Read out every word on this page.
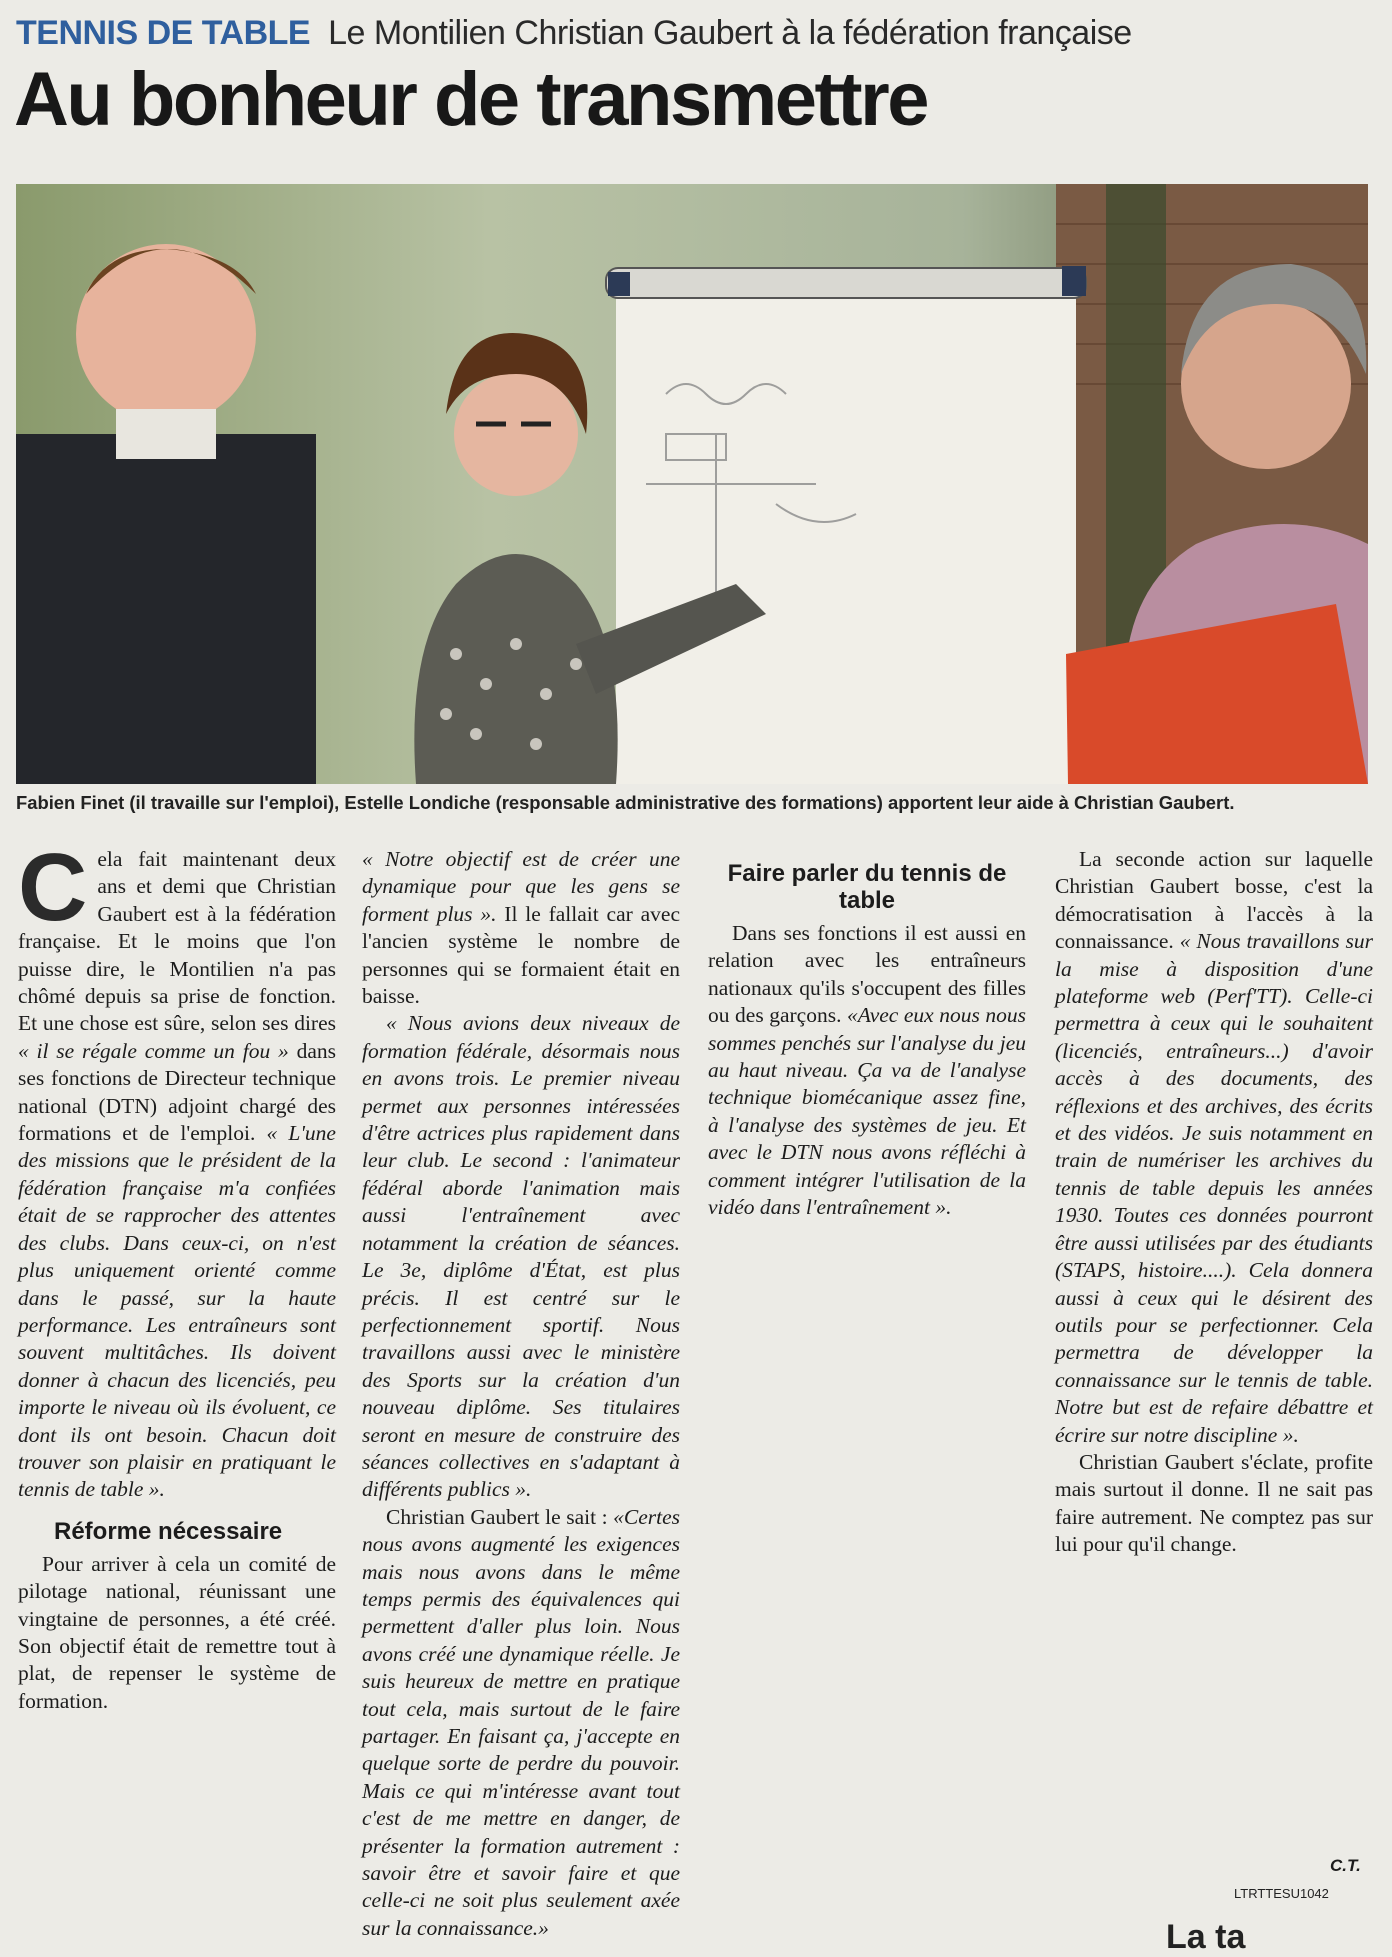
TENNIS DE TABLE Le Montilien Christian Gaubert à la fédération française
Au bonheur de transmettre
Fabien Finet (il travaille sur l'emploi), Estelle Londiche (responsable administrative des formations) apportent leur aide à Christian Gaubert.

Cela fait maintenant deux ans et demi que Christian Gaubert est à la fédération française. Et le moins que l'on puisse dire, le Montilien n'a pas chômé depuis sa prise de fonction. Et une chose est sûre, selon ses dires « il se régale comme un fou » dans ses fonctions de Directeur technique national (DTN) adjoint chargé des formations et de l'emploi. « L'une des missions que le président de la fédération française m'a confiées était de se rapprocher des attentes des clubs. Dans ceux-ci, on n'est plus uniquement orienté comme dans le passé, sur la haute performance. Les entraîneurs sont souvent multitâches. Ils doivent donner à chacun des licenciés, peu importe le niveau où ils évoluent, ce dont ils ont besoin. Chacun doit trouver son plaisir en pratiquant le tennis de table ».

Réforme nécessaire

Pour arriver à cela un comité de pilotage national, réunissant une vingtaine de personnes, a été créé. Son objectif était de remettre tout à plat, de repenser le système de formation.

« Notre objectif est de créer une dynamique pour que les gens se forment plus ». Il le fallait car avec l'ancien système le nombre de personnes qui se formaient était en baisse.

« Nous avions deux niveaux de formation fédérale, désormais nous en avons trois. Le premier niveau permet aux personnes intéressées d'être actrices plus rapidement dans leur club. Le second : l'animateur fédéral aborde l'animation mais aussi l'entraînement avec notamment la création de séances. Le 3e, diplôme d'État, est plus précis. Il est centré sur le perfectionnement sportif. Nous travaillons aussi avec le ministère des Sports sur la création d'un nouveau diplôme. Ses titulaires seront en mesure de construire des séances collectives en s'adaptant à différents publics ».

Christian Gaubert le sait : «Certes nous avons augmenté les exigences mais nous avons dans le même temps permis des équivalences qui permettent d'aller plus loin. Nous avons créé une dynamique réelle. Je suis heureux de mettre en pratique tout cela, mais surtout de le faire partager. En faisant ça, j'accepte en quelque sorte de perdre du pouvoir. Mais ce qui m'intéresse avant tout c'est de me mettre en danger, de présenter la formation autrement : savoir être et savoir faire et que celle-ci ne soit plus seulement axée sur la connaissance.»

Faire parler du tennis de table

Dans ses fonctions il est aussi en relation avec les entraîneurs nationaux qu'ils s'occupent des filles ou des garçons. «Avec eux nous nous sommes penchés sur l'analyse du jeu au haut niveau. Ça va de l'analyse technique biomécanique assez fine, à l'analyse des systèmes de jeu. Et avec le DTN nous avons réfléchi à comment intégrer l'utilisation de la vidéo dans l'entraînement ».

La seconde action sur laquelle Christian Gaubert bosse, c'est la démocratisation à l'accès à la connaissance. « Nous travaillons sur la mise à disposition d'une plateforme web (Perf'TT). Celle-ci permettra à ceux qui le souhaitent (licenciés, entraîneurs...) d'avoir accès à des documents, des réflexions et des archives, des écrits et des vidéos. Je suis notamment en train de numériser les archives du tennis de table depuis les années 1930. Toutes ces données pourront être aussi utilisées par des étudiants (STAPS, histoire....). Cela donnera aussi à ceux qui le désirent des outils pour se perfectionner. Cela permettra de développer la connaissance sur le tennis de table. Notre but est de refaire débattre et écrire sur notre discipline ».

Christian Gaubert s'éclate, profite mais surtout il donne. Il ne sait pas faire autrement. Ne comptez pas sur lui pour qu'il change.

C.T.
LTRTTESU1042
La ta
